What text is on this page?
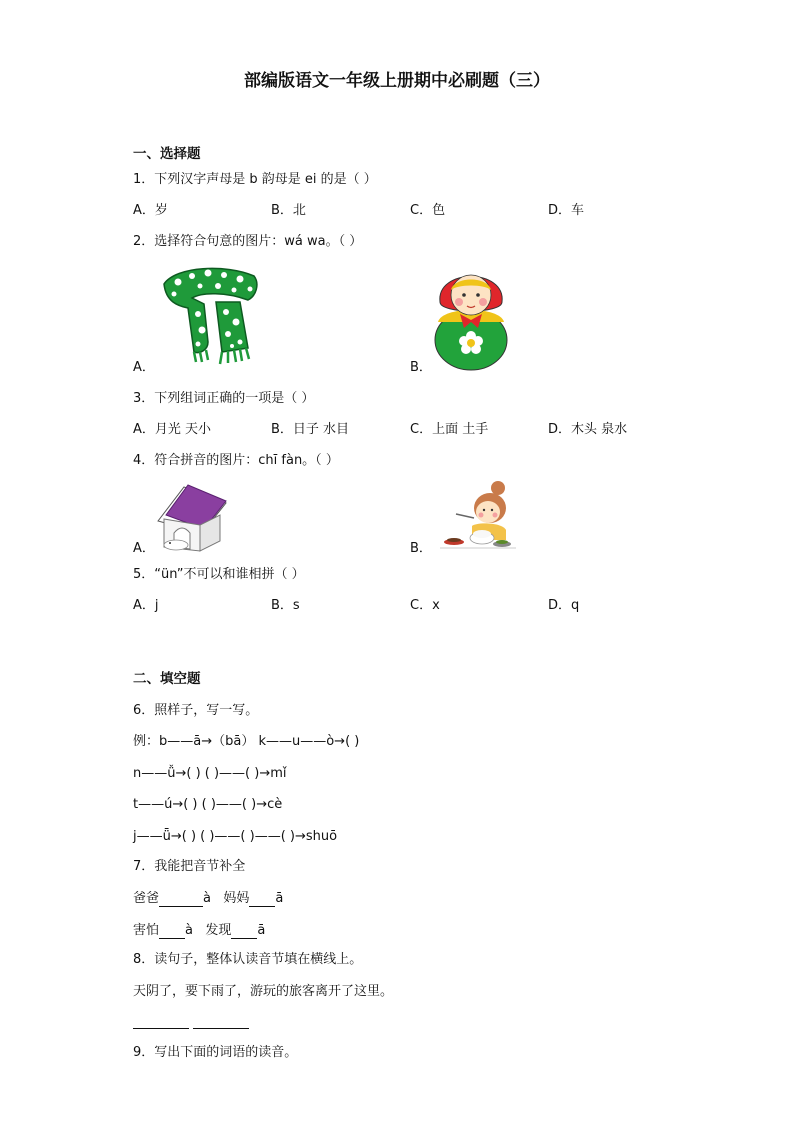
部编版语文一年级上册期中必刷题（三）
一、选择题
1．下列汉字声母是 b 韵母是 ei 的是（ ）
A．岁	B．北	C．色	D．车
2．选择符合句意的图片：wá wa。（ ）
A．	B．
3．下列组词正确的一项是（ ）
A．月光 天小	B．日子 水目	C．上面 土手	D．木头 泉水
4．符合拼音的图片：chī fàn。（ ）
A．	B．
5．“ün”不可以和谁相拼（ ）
A．j	B．s	C．x	D．q
二、填空题
6．照样子，写一写。
例：b——ā→（bā） k——u——ò→( )
n——ǚ→( ) ( )——( )→mǐ
t——ú→( ) ( )——( )→cè
j——ǖ→( ) ( )——( )——( )→shuō
7．我能把音节补全
爸爸	à 妈妈 ā
害怕 à 发现 ā
8．读句子，整体认读音节填在横线上。
天阴了，要下雨了，游玩的旅客离开了这里。
9．写出下面的词语的读音。
